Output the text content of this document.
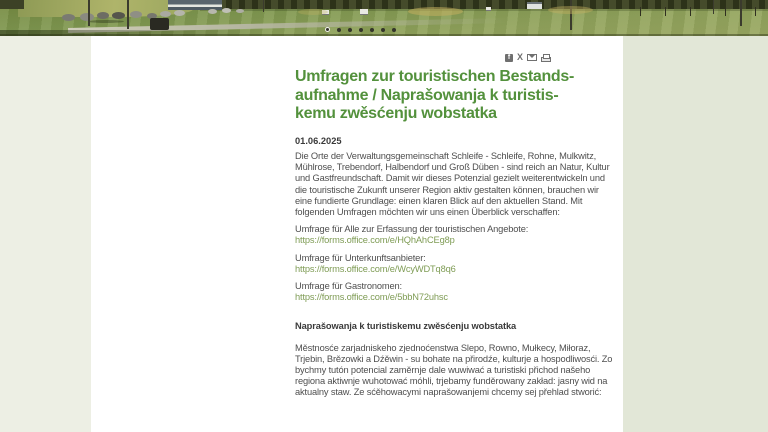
f X
Umfragen zur touristischen Bestands-
aufnahme / Naprašowanja k turistis-
kemu zwěsćenju wobstatka
01.06.2025

Die Orte der Verwaltungsgemeinschaft Schleife - Schleife, Rohne, Mulkwitz, Mühlrose, Trebendorf, Halbendorf und Groß Düben - sind reich an Natur, Kultur und Gastfreundschaft. Damit wir dieses Potenzial gezielt weiterentwickeln und die touristische Zukunft unserer Region aktiv gestalten können, brauchen wir eine fundierte Grundlage: einen klaren Blick auf den aktuellen Stand. Mit folgenden Umfragen möchten wir uns einen Überblick verschaffen:

Umfrage für Alle zur Erfassung der touristischen Angebote:
https://forms.office.com/e/HQhAhCEg8p
Umfrage für Unterkunftsanbieter:
https://forms.office.com/e/WcyWDTq8q6
Umfrage für Gastronomen:
https://forms.office.com/e/5bbN72uhsc
Naprašowanja k turistiskemu zwěsćenju wobstatka

Městnosće zarjadniskeho zjednoćenstwa Slepo, Rowno, Mułkecy, Miłoraz, Trjebin, Brězowki a Dźěwin - su bohate na přirodźe, kulturje a hospodliwosći. Zo bychmy tutón potencial zaměrnje dale wuwiwać a turistiski přichod našeho regiona aktiwnje wuhotować móhli, trjebamy funděrowany zakład: jasny wid na aktualny staw. Ze sćěhowacymi naprašowanjemi chcemy sej přehlad stworić:
